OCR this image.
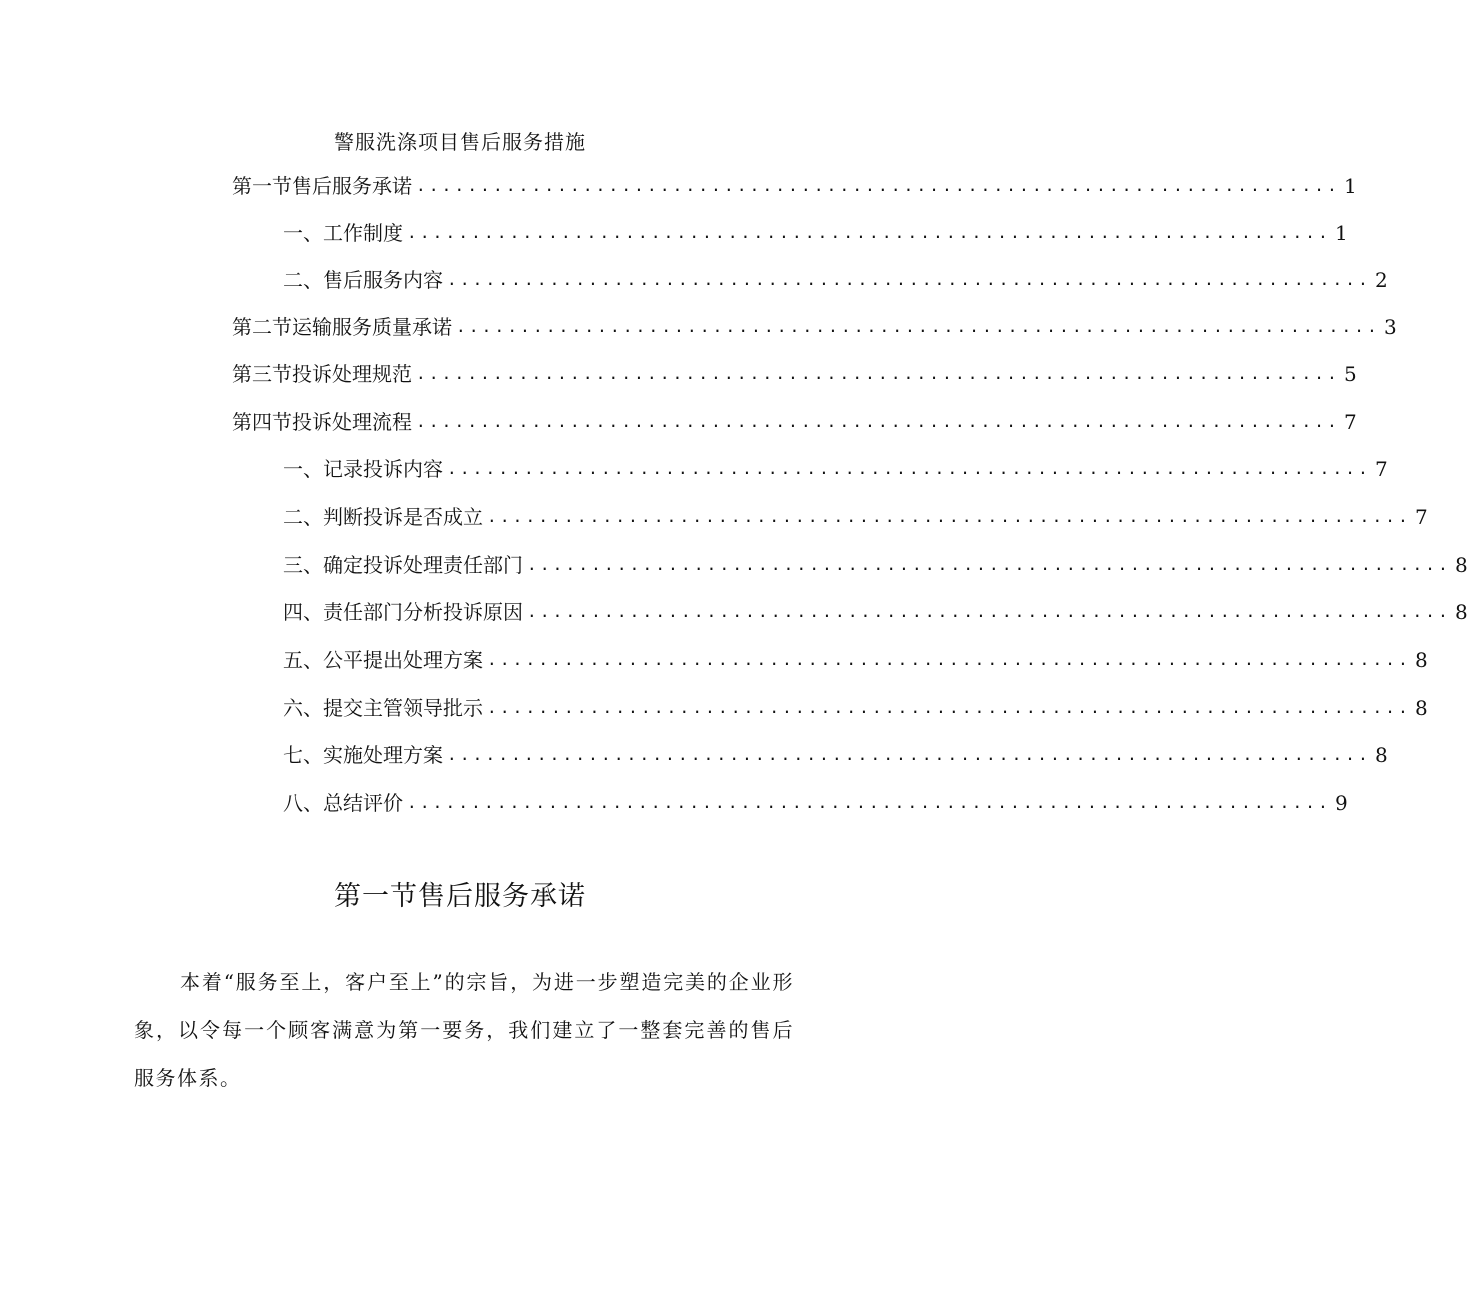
警服洗涤项目售后服务措施
第一节售后服务承诺 ........................................................................ 1
一、工作制度 ........................................................................ 1
二、售后服务内容 ........................................................................ 2
第二节运输服务质量承诺 ........................................................................ 3
第三节投诉处理规范 ........................................................................ 5
第四节投诉处理流程 ........................................................................ 7
一、记录投诉内容 ........................................................................ 7
二、判断投诉是否成立 ........................................................................ 7
三、确定投诉处理责任部门 ........................................................................ 8
四、责任部门分析投诉原因 ........................................................................ 8
五、公平提出处理方案 ........................................................................ 8
六、提交主管领导批示 ........................................................................ 8
七、实施处理方案 ........................................................................ 8
八、总结评价 ........................................................................ 9
第一节售后服务承诺
本着“服务至上，客户至上”的宗旨，为进一步塑造完美的企业形象，以令每一个顾客满意为第一要务，我们建立了一整套完善的售后服务体系。
